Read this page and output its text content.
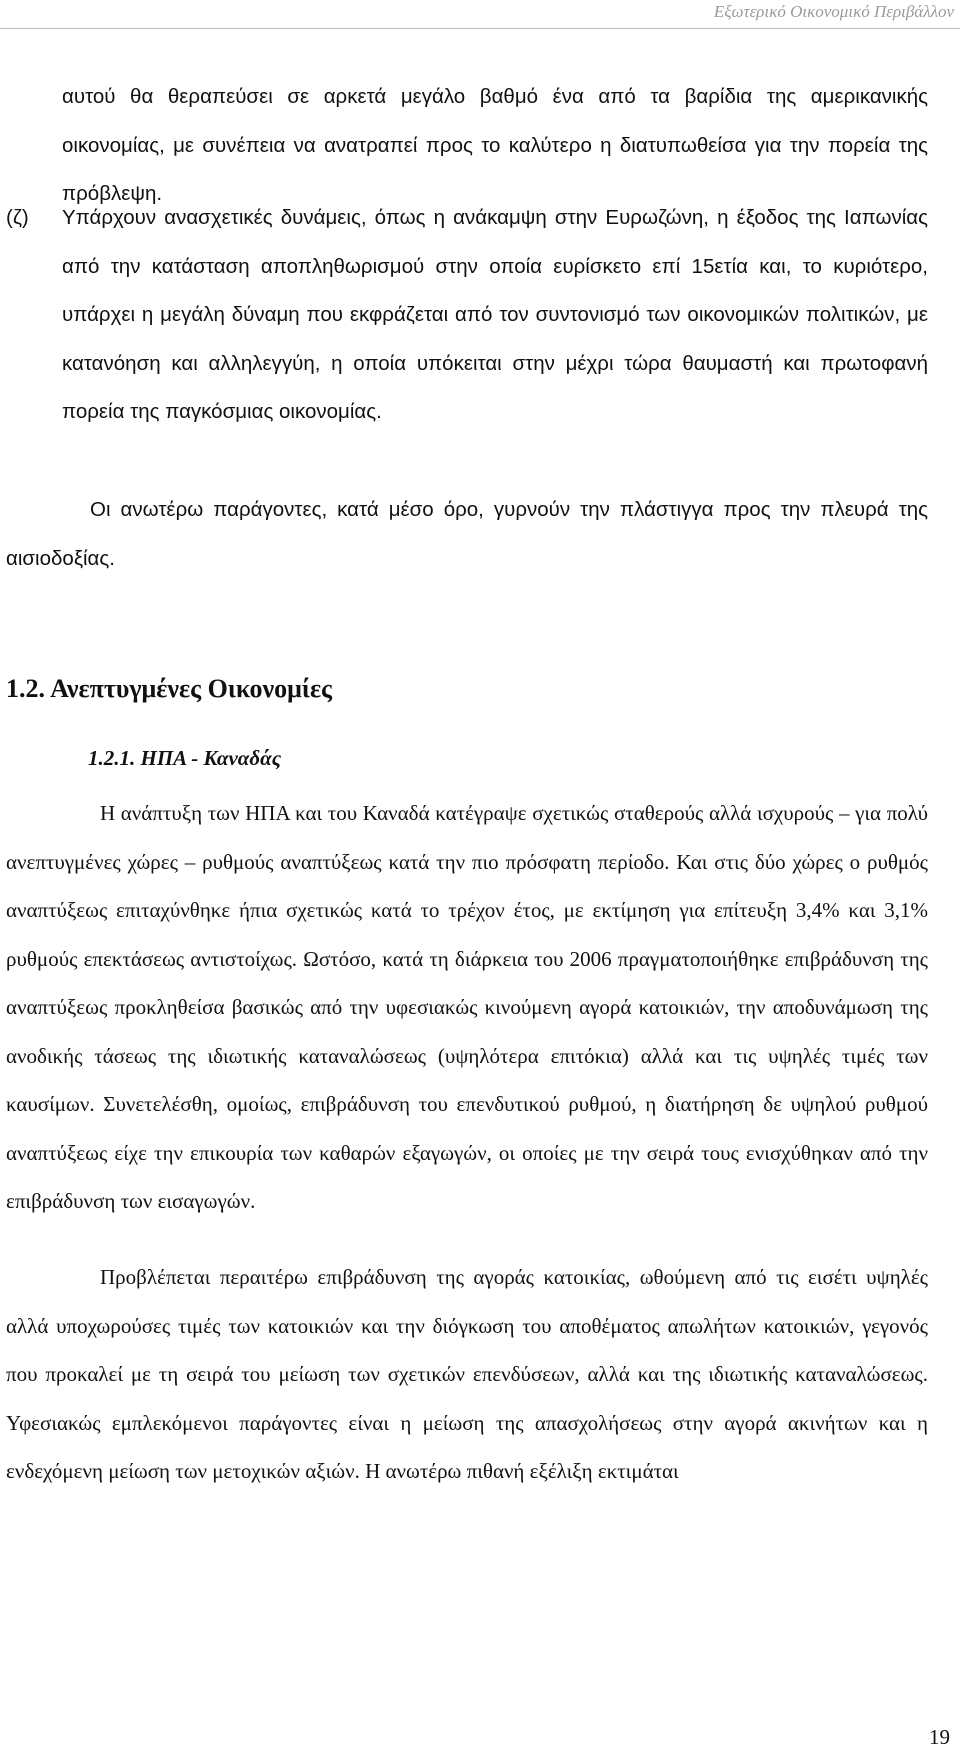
Εξωτερικό Οικονομικό Περιβάλλον

αυτού θα θεραπεύσει σε αρκετά μεγάλο βαθμό ένα από τα βαρίδια της αμερικανικής οικονομίας, με συνέπεια να ανατραπεί προς το καλύτερο η διατυπωθείσα για την πορεία της πρόβλεψη.

(ζ) Υπάρχουν ανασχετικές δυνάμεις, όπως η ανάκαμψη στην Ευρωζώνη, η έξοδος της Ιαπωνίας από την κατάσταση αποπληθωρισμού στην οποία ευρίσκετο επί 15ετία και, το κυριότερο, υπάρχει η μεγάλη δύναμη που εκφράζεται από τον συντονισμό των οικονομικών πολιτικών, με κατανόηση και αλληλεγγύη, η οποία υπόκειται στην μέχρι τώρα θαυμαστή και πρωτοφανή πορεία της παγκόσμιας οικονομίας.

Οι ανωτέρω παράγοντες, κατά μέσο όρο, γυρνούν την πλάστιγγα προς την πλευρά της αισιοδοξίας.

1.2. Ανεπτυγμένες Οικονομίες
1.2.1. ΗΠΑ - Καναδάς

Η ανάπτυξη των ΗΠΑ και του Καναδά κατέγραψε σχετικώς σταθερούς αλλά ισχυρούς – για πολύ ανεπτυγμένες χώρες – ρυθμούς αναπτύξεως κατά την πιο πρόσφατη περίοδο. Και στις δύο χώρες ο ρυθμός αναπτύξεως επιταχύνθηκε ήπια σχετικώς κατά το τρέχον έτος, με εκτίμηση για επίτευξη 3,4% και 3,1% ρυθμούς επεκτάσεως αντιστοίχως. Ωστόσο, κατά τη διάρκεια του 2006 πραγματοποιήθηκε επιβράδυνση της αναπτύξεως προκληθείσα βασικώς από την υφεσιακώς κινούμενη αγορά κατοικιών, την αποδυνάμωση της ανοδικής τάσεως της ιδιωτικής καταναλώσεως (υψηλότερα επιτόκια) αλλά και τις υψηλές τιμές των καυσίμων. Συνετελέσθη, ομοίως, επιβράδυνση του επενδυτικού ρυθμού, η διατήρηση δε υψηλού ρυθμού αναπτύξεως είχε την επικουρία των καθαρών εξαγωγών, οι οποίες με την σειρά τους ενισχύθηκαν από την επιβράδυνση των εισαγωγών.

Προβλέπεται περαιτέρω επιβράδυνση της αγοράς κατοικίας, ωθούμενη από τις εισέτι υψηλές αλλά υποχωρούσες τιμές των κατοικιών και την διόγκωση του αποθέματος απωλήτων κατοικιών, γεγονός που προκαλεί με τη σειρά του μείωση των σχετικών επενδύσεων, αλλά και της ιδιωτικής καταναλώσεως. Υφεσιακώς εμπλεκόμενοι παράγοντες είναι η μείωση της απασχολήσεως στην αγορά ακινήτων και η ενδεχόμενη μείωση των μετοχικών αξιών. Η ανωτέρω πιθανή εξέλιξη εκτιμάται

19
